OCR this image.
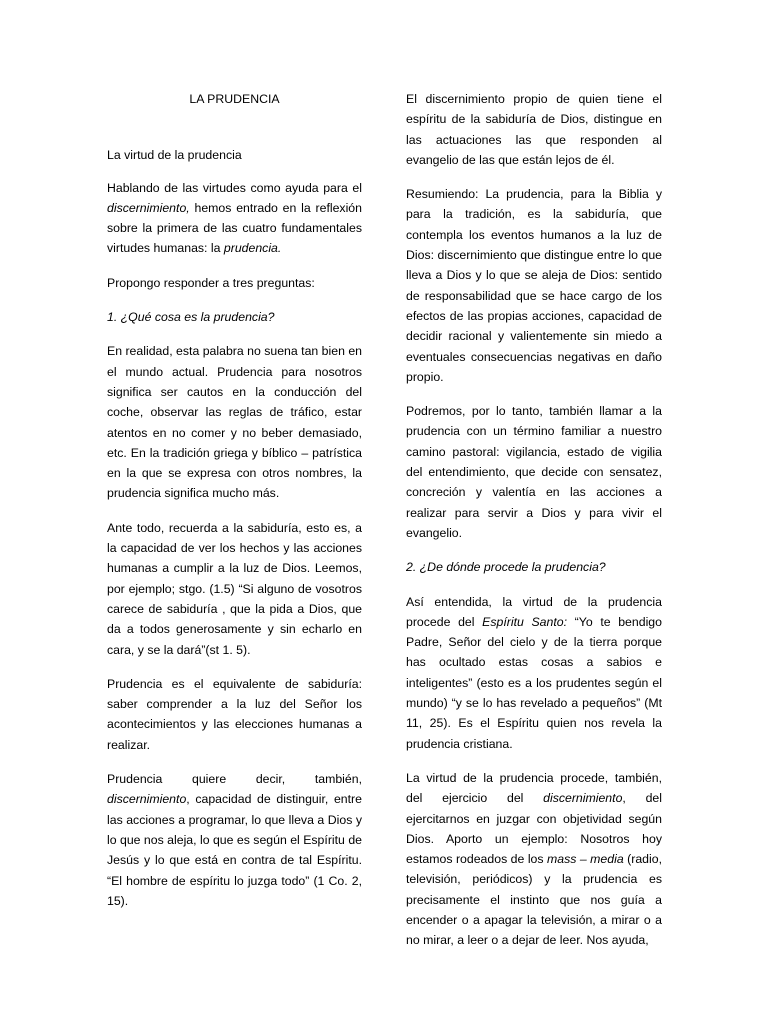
LA PRUDENCIA

La virtud de la prudencia

Hablando de las virtudes como ayuda para el discernimiento, hemos entrado en la reflexión sobre la primera de las cuatro fundamentales virtudes humanas: la prudencia.

Propongo responder a tres preguntas:

1. ¿Qué cosa es la prudencia?

En realidad, esta palabra no suena tan bien en el mundo actual. Prudencia para nosotros significa ser cautos en la conducción del coche, observar las reglas de tráfico, estar atentos en no comer y no beber demasiado, etc. En la tradición griega y bíblico – patrística en la que se expresa con otros nombres, la prudencia significa mucho más.

Ante todo, recuerda a la sabiduría, esto es, a la capacidad de ver los hechos y las acciones humanas a cumplir a la luz de Dios. Leemos, por ejemplo; stgo. (1.5) “Si alguno de vosotros carece de sabiduría , que la pida a Dios, que da a todos generosamente y sin echarlo en cara, y se la dará”(st 1. 5).

Prudencia es el equivalente de sabiduría: saber comprender a la luz del Señor los acontecimientos y las elecciones humanas a realizar.

Prudencia quiere decir, también, discernimiento, capacidad de distinguir, entre las acciones a programar, lo que lleva a Dios y lo que nos aleja, lo que es según el Espíritu de Jesús y lo que está en contra de tal Espíritu. “El hombre de espíritu lo juzga todo” (1 Co. 2, 15).

El discernimiento propio de quien tiene el espíritu de la sabiduría de Dios, distingue en las actuaciones las que responden al evangelio de las que están lejos de él.

Resumiendo: La prudencia, para la Biblia y para la tradición, es la sabiduría, que contempla los eventos humanos a la luz de Dios: discernimiento que distingue entre lo que lleva a Dios y lo que se aleja de Dios: sentido de responsabilidad que se hace cargo de los efectos de las propias acciones, capacidad de decidir racional y valientemente sin miedo a eventuales consecuencias negativas en daño propio.

Podremos, por lo tanto, también llamar a la prudencia con un término familiar a nuestro camino pastoral: vigilancia, estado de vigilia del entendimiento, que decide con sensatez, concreción y valentía en las acciones a realizar para servir a Dios y para vivir el evangelio.

2. ¿De dónde procede la prudencia?

Así entendida, la virtud de la prudencia procede del Espíritu Santo: “Yo te bendigo Padre, Señor del cielo y de la tierra porque has ocultado estas cosas a sabios e inteligentes” (esto es a los prudentes según el mundo) “y se lo has revelado a pequeños” (Mt 11, 25). Es el Espíritu quien nos revela la prudencia cristiana.

La virtud de la prudencia procede, también, del ejercicio del discernimiento, del ejercitarnos en juzgar con objetividad según Dios. Aporto un ejemplo: Nosotros hoy estamos rodeados de los mass – media (radio, televisión, periódicos) y la prudencia es precisamente el instinto que nos guía a encender o a apagar la televisión, a mirar o a no mirar, a leer o a dejar de leer. Nos ayuda,
